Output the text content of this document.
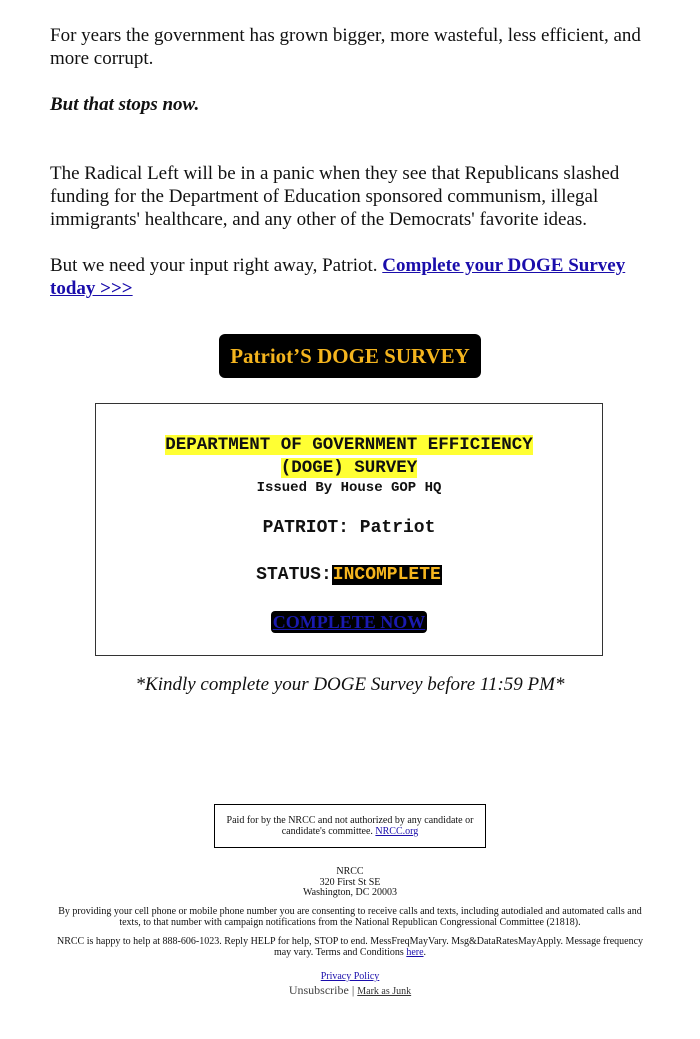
For years the government has grown bigger, more wasteful, less efficient, and more corrupt.

But that stops now.

The Radical Left will be in a panic when they see that Republicans slashed funding for the Department of Education sponsored communism, illegal immigrants' healthcare, and any other of the Democrats' favorite ideas.

But we need your input right away, Patriot. Complete your DOGE Survey today >>>

Patriot’S DOGE SURVEY
DEPARTMENT OF GOVERNMENT EFFICIENCY
(DOGE) SURVEY
Issued By House GOP HQ
PATRIOT: Patriot
STATUS:INCOMPLETE
COMPLETE NOW
*Kindly complete your DOGE Survey before 11:59 PM*
Paid for by the NRCC and not authorized by any candidate or candidate's committee. NRCC.org
NRCC
320 First St SE
Washington, DC 20003
By providing your cell phone or mobile phone number you are consenting to receive calls and texts, including autodialed and automated calls and texts, to that number with campaign notifications from the National Republican Congressional Committee (21818).
NRCC is happy to help at 888-606-1023. Reply HELP for help, STOP to end. MessFreqMayVary. Msg&DataRatesMayApply. Message frequency may vary. Terms and Conditions here.
Privacy Policy
Unsubscribe | Mark as Junk
